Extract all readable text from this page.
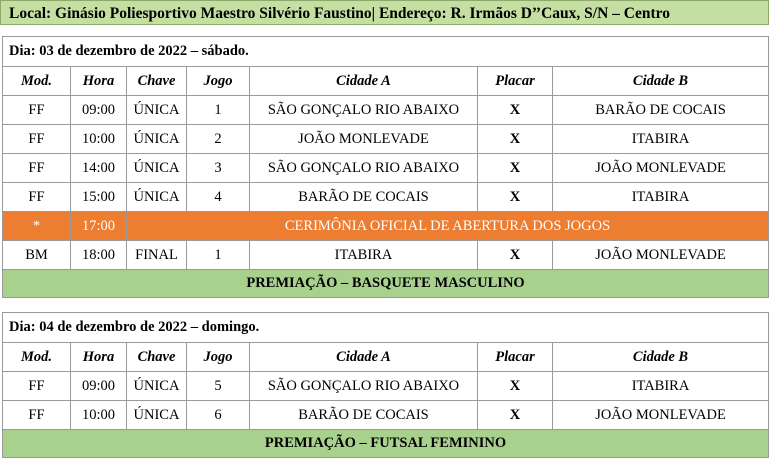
Local: Ginásio Poliesportivo Maestro Silvério Faustino| Endereço: R. Irmãos D’’Caux, S/N – Centro
Dia: 03 de dezembro de 2022 – sábado.						
Mod.	Hora	Chave	Jogo	Cidade A	Placar	Cidade B
FF	09:00	ÚNICA	1	SÃO GONÇALO RIO ABAIXO	X	BARÃO DE COCAIS
FF	10:00	ÚNICA	2	JOÃO MONLEVADE	X	ITABIRA
FF	14:00	ÚNICA	3	SÃO GONÇALO RIO ABAIXO	X	JOÃO MONLEVADE
FF	15:00	ÚNICA	4	BARÃO DE COCAIS	X	ITABIRA
*	17:00	CERIMÔNIA OFICIAL DE ABERTURA DOS JOGOS				
BM	18:00	FINAL	1	ITABIRA	X	JOÃO MONLEVADE
PREMIAÇÃO – BASQUETE MASCULINO						
Dia: 04 de dezembro de 2022 – domingo.						
Mod.	Hora	Chave	Jogo	Cidade A	Placar	Cidade B
FF	09:00	ÚNICA	5	SÃO GONÇALO RIO ABAIXO	X	ITABIRA
FF	10:00	ÚNICA	6	BARÃO DE COCAIS	X	JOÃO MONLEVADE
PREMIAÇÃO – FUTSAL FEMININO						
